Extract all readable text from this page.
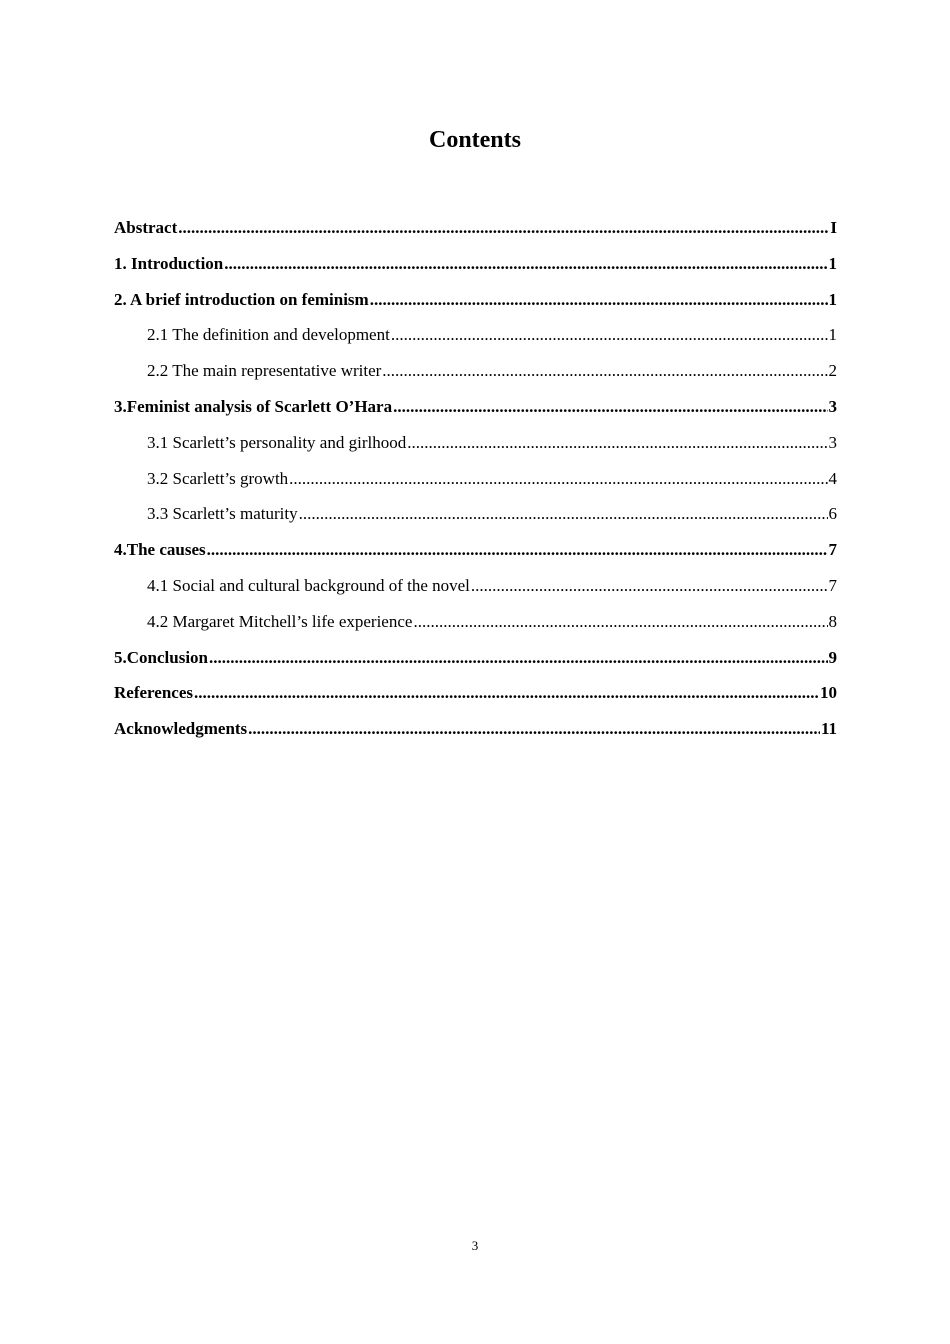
Contents
Abstract .....	I
1. Introduction .....	1
2. A brief introduction on feminism .....	1
2.1 The definition and development .....	1
2.2 The main representative writer .....	2
3.Feminist analysis of Scarlett O’Hara .....	3
3.1 Scarlett’s personality and girlhood .....	3
3.2 Scarlett’s growth .....	4
3.3 Scarlett’s maturity .....	6
4.The causes .....	7
4.1 Social and cultural background of the novel .....	7
4.2 Margaret Mitchell’s life experience .....	8
5.Conclusion .....	9
References .....	10
Acknowledgments .....	11
3
